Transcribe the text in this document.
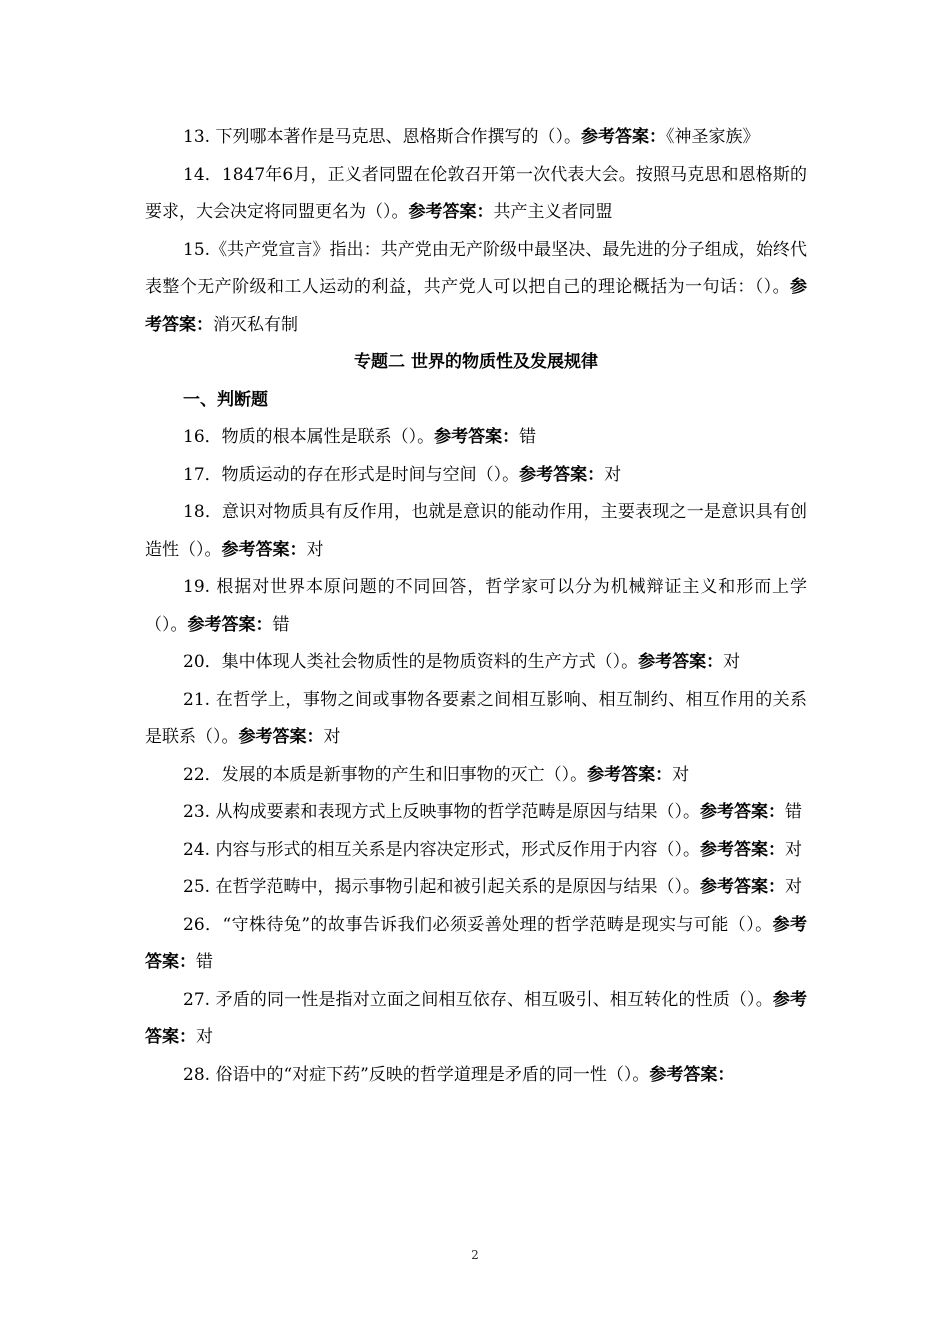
13. 下列哪本著作是马克思、恩格斯合作撰写的（）。参考答案：《神圣家族》

14．1847年6月，正义者同盟在伦敦召开第一次代表大会。按照马克思和恩格斯的要求，大会决定将同盟更名为（）。参考答案：共产主义者同盟

15.《共产党宣言》指出：共产党由无产阶级中最坚决、最先进的分子组成，始终代表整个无产阶级和工人运动的利益，共产党人可以把自己的理论概括为一句话：（）。参考答案：消灭私有制

专题二 世界的物质性及发展规律

一、判断题

16．物质的根本属性是联系（）。参考答案：错

17．物质运动的存在形式是时间与空间（）。参考答案：对

18．意识对物质具有反作用，也就是意识的能动作用，主要表现之一是意识具有创造性（）。参考答案：对

19. 根据对世界本原问题的不同回答，哲学家可以分为机械辩证主义和形而上学（）。参考答案：错

20．集中体现人类社会物质性的是物质资料的生产方式（）。参考答案：对

21. 在哲学上，事物之间或事物各要素之间相互影响、相互制约、相互作用的关系是联系（）。参考答案：对

22．发展的本质是新事物的产生和旧事物的灭亡（）。参考答案：对

23. 从构成要素和表现方式上反映事物的哲学范畴是原因与结果（）。参考答案：错

24. 内容与形式的相互关系是内容决定形式，形式反作用于内容（）。参考答案：对

25. 在哲学范畴中，揭示事物引起和被引起关系的是原因与结果（）。参考答案：对

26．“守株待兔”的故事告诉我们必须妥善处理的哲学范畴是现实与可能（）。参考答案：错

27. 矛盾的同一性是指对立面之间相互依存、相互吸引、相互转化的性质（）。参考答案：对

28. 俗语中的“对症下药”反映的哲学道理是矛盾的同一性（）。参考答案：

2
